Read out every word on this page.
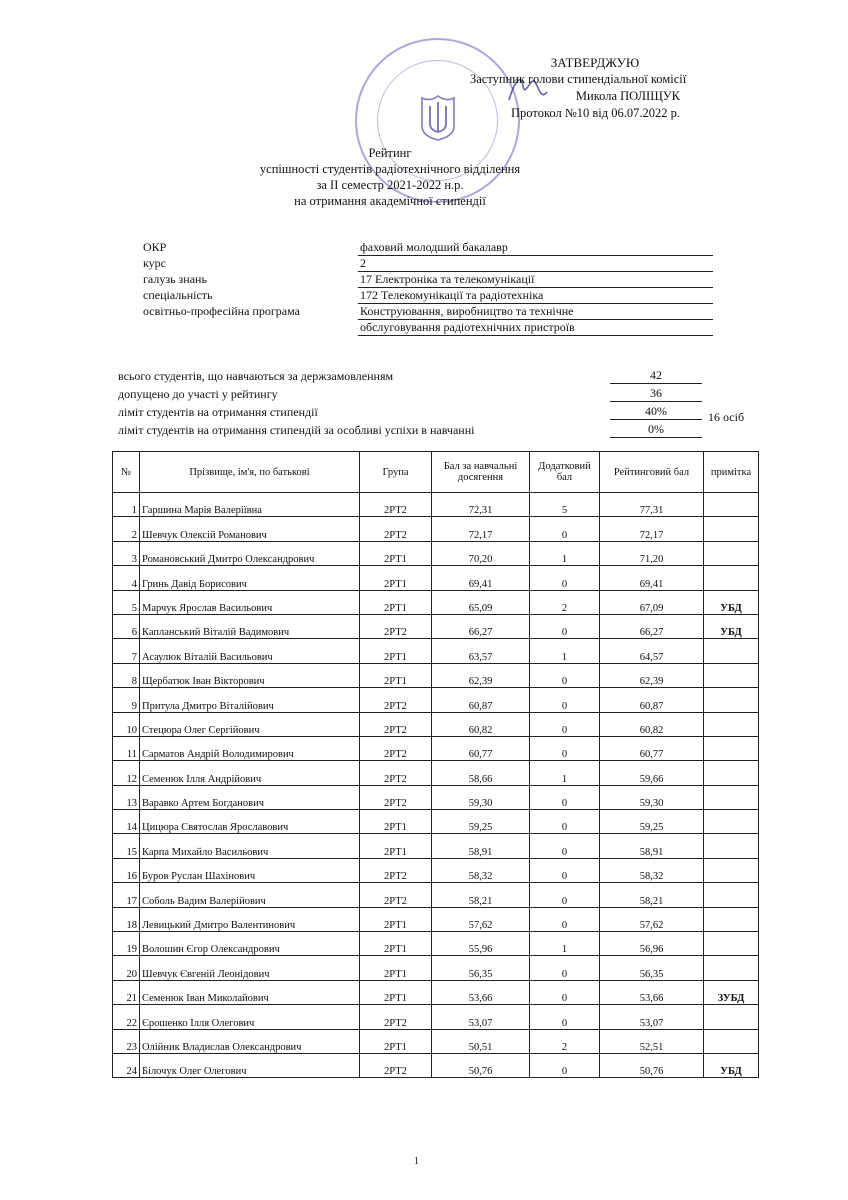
ЗАТВЕРДЖУЮ
Заступник голови стипендіальної комісії
Микола ПОЛІЩУК
Протокол №10 від 06.07.2022 р.
Рейтинг
успішності студентів радіотехнічного відділення
за ІІ семестр 2021-2022 н.р.
на отримання академічної стипендії
ОКР	фаховий молодший бакалавр
курс	2
галузь знань	17 Електроніка та телекомунікації
спеціальність	172 Телекомунікації та радіотехніка
освітньо-професійна програма	Конструювання, виробництво та технічне
обслуговування радіотехнічних пристроїв
всього студентів, що навчаються за держзамовленням	42
допущено до участі у рейтингу	36
ліміт студентів на отримання стипендії	40%	16 осіб
ліміт студентів на отримання стипендій за особливі успіхи в навчанні	0%
№	Прізвище, ім'я, по батькові	Група	Бал за навчальні досягення	Додатковий бал	Рейтинговий бал	примітка
1	Гаршина Марія Валеріївна	2РТ2	72,31	5	77,31	
2	Шевчук Олексій Романович	2РТ2	72,17	0	72,17	
3	Романовський Дмитро Олександрович	2РТ1	70,20	1	71,20	
4	Гринь Давід Борисович	2РТ1	69,41	0	69,41	
5	Марчук Ярослав Васильович	2РТ1	65,09	2	67,09	УБД
6	Капланський Віталій Вадимович	2РТ2	66,27	0	66,27	УБД
7	Асаулюк Віталій Васильович	2РТ1	63,57	1	64,57	
8	Щербатюк Іван Вікторович	2РТ1	62,39	0	62,39	
9	Притула Дмитро Віталійович	2РТ2	60,87	0	60,87	
10	Стецюра Олег Сергійович	2РТ2	60,82	0	60,82	
11	Сарматов Андрій Володимирович	2РТ2	60,77	0	60,77	
12	Семенюк Ілля Андрійович	2РТ2	58,66	1	59,66	
13	Варавко Артем Богданович	2РТ2	59,30	0	59,30	
14	Цицюра Святослав Ярославович	2РТ1	59,25	0	59,25	
15	Карпа Михайло Васильович	2РТ1	58,91	0	58,91	
16	Буров Руслан Шахінович	2РТ2	58,32	0	58,32	
17	Соболь Вадим Валерійович	2РТ2	58,21	0	58,21	
18	Левицький Дмитро Валентинович	2РТ1	57,62	0	57,62	
19	Волошин Єгор Олександрович	2РТ1	55,96	1	56,96	
20	Шевчук Євгеній Леонідович	2РТ1	56,35	0	56,35	
21	Семенюк Іван Миколайович	2РТ1	53,66	0	53,66	ЗУБД
22	Єрошенко Ілля Олегович	2РТ2	53,07	0	53,07	
23	Олійник Владислав Олександрович	2РТ1	50,51	2	52,51	
24	Білочук Олег Олегович	2РТ2	50,76	0	50,76	УБД
1
